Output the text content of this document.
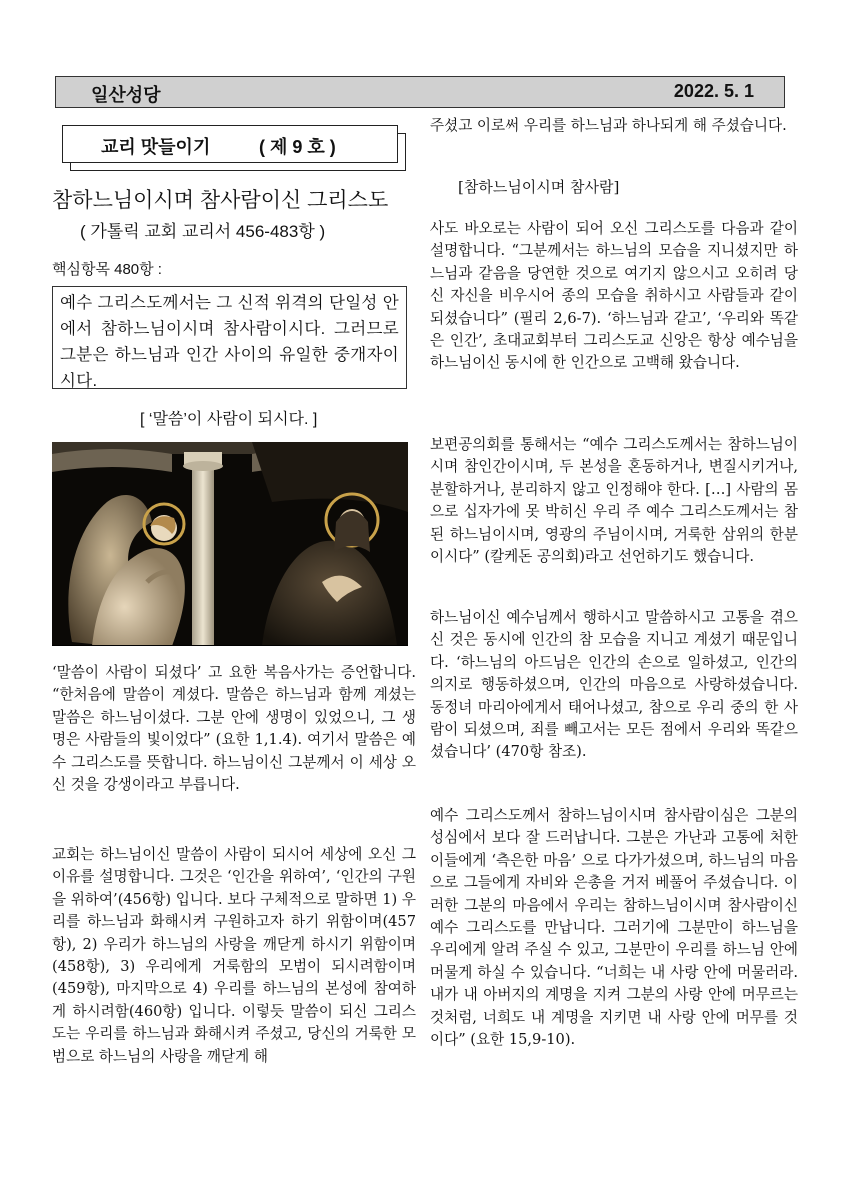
일산성당	2022. 5. 1
교리 맛들이기	( 제 9 호 )
참하느님이시며 참사람이신 그리스도
( 가톨릭 교회 교리서 456-483항 )
핵심항목 480항 :
예수 그리스도께서는 그 신적 위격의 단일성 안에서 참하느님이시며 참사람이시다. 그러므로 그분은 하느님과 인간 사이의 유일한 중개자이시다.
[ ‘말씀’이 사람이 되시다. ]
‘말씀이 사람이 되셨다’ 고 요한 복음사가는 증언합니다. “한처음에 말씀이 계셨다. 말씀은 하느님과 함께 계셨는 말씀은 하느님이셨다. 그분 안에 생명이 있었으니, 그 생명은 사람들의 빛이었다” (요한 1,1.4). 여기서 말씀은 예수 그리스도를 뜻합니다. 하느님이신 그분께서 이 세상 오신 것을 강생이라고 부릅니다.
교회는 하느님이신 말씀이 사람이 되시어 세상에 오신 그 이유를 설명합니다. 그것은 ‘인간을 위하여’, ‘인간의 구원을 위하여’(456항) 입니다. 보다 구체적으로 말하면 1) 우리를 하느님과 화해시켜 구원하고자 하기 위함이며(457항), 2) 우리가 하느님의 사랑을 깨닫게 하시기 위함이며(458항), 3) 우리에게 거룩함의 모범이 되시려함이며(459항), 마지막으로 4) 우리를 하느님의 본성에 참여하게 하시려함(460항) 입니다. 이렇듯 말씀이 되신 그리스도는 우리를 하느님과 화해시켜 주셨고, 당신의 거룩한 모범으로 하느님의 사랑을 깨닫게 해
주셨고 이로써 우리를 하느님과 하나되게 해 주셨습니다.
[참하느님이시며 참사람]
사도 바오로는 사람이 되어 오신 그리스도를 다음과 같이 설명합니다. “그분께서는 하느님의 모습을 지니셨지만 하느님과 같음을 당연한 것으로 여기지 않으시고 오히려 당신 자신을 비우시어 종의 모습을 취하시고 사람들과 같이 되셨습니다” (필리 2,6-7). ‘하느님과 같고’, ‘우리와 똑같은 인간’, 초대교회부터 그리스도교 신앙은 항상 예수님을 하느님이신 동시에 한 인간으로 고백해 왔습니다.
보편공의회를 통해서는 “예수 그리스도께서는 참하느님이시며 참인간이시며, 두 본성을 혼동하거나, 변질시키거나, 분할하거나, 분리하지 않고 인정해야 한다. […] 사람의 몸으로 십자가에 못 박히신 우리 주 예수 그리스도께서는 참된 하느님이시며, 영광의 주님이시며, 거룩한 삼위의 한분이시다” (칼케돈 공의회)라고 선언하기도 했습니다.
하느님이신 예수님께서 행하시고 말씀하시고 고통을 겪으신 것은 동시에 인간의 참 모습을 지니고 계셨기 때문입니다. ‘하느님의 아드님은 인간의 손으로 일하셨고, 인간의 의지로 행동하셨으며, 인간의 마음으로 사랑하셨습니다. 동정녀 마리아에게서 태어나셨고, 참으로 우리 중의 한 사람이 되셨으며, 죄를 빼고서는 모든 점에서 우리와 똑같으셨습니다’ (470항 참조).
예수 그리스도께서 참하느님이시며 참사람이심은 그분의 성심에서 보다 잘 드러납니다. 그분은 가난과 고통에 처한 이들에게 ‘측은한 마음’ 으로 다가가셨으며, 하느님의 마음으로 그들에게 자비와 은총을 거저 베풀어 주셨습니다. 이러한 그분의 마음에서 우리는 참하느님이시며 참사람이신 예수 그리스도를 만납니다. 그러기에 그분만이 하느님을 우리에게 알려 주실 수 있고, 그분만이 우리를 하느님 안에 머물게 하실 수 있습니다. “너희는 내 사랑 안에 머물러라. 내가 내 아버지의 계명을 지켜 그분의 사랑 안에 머무르는 것처럼, 너희도 내 계명을 지키면 내 사랑 안에 머무를 것이다” (요한 15,9-10).
